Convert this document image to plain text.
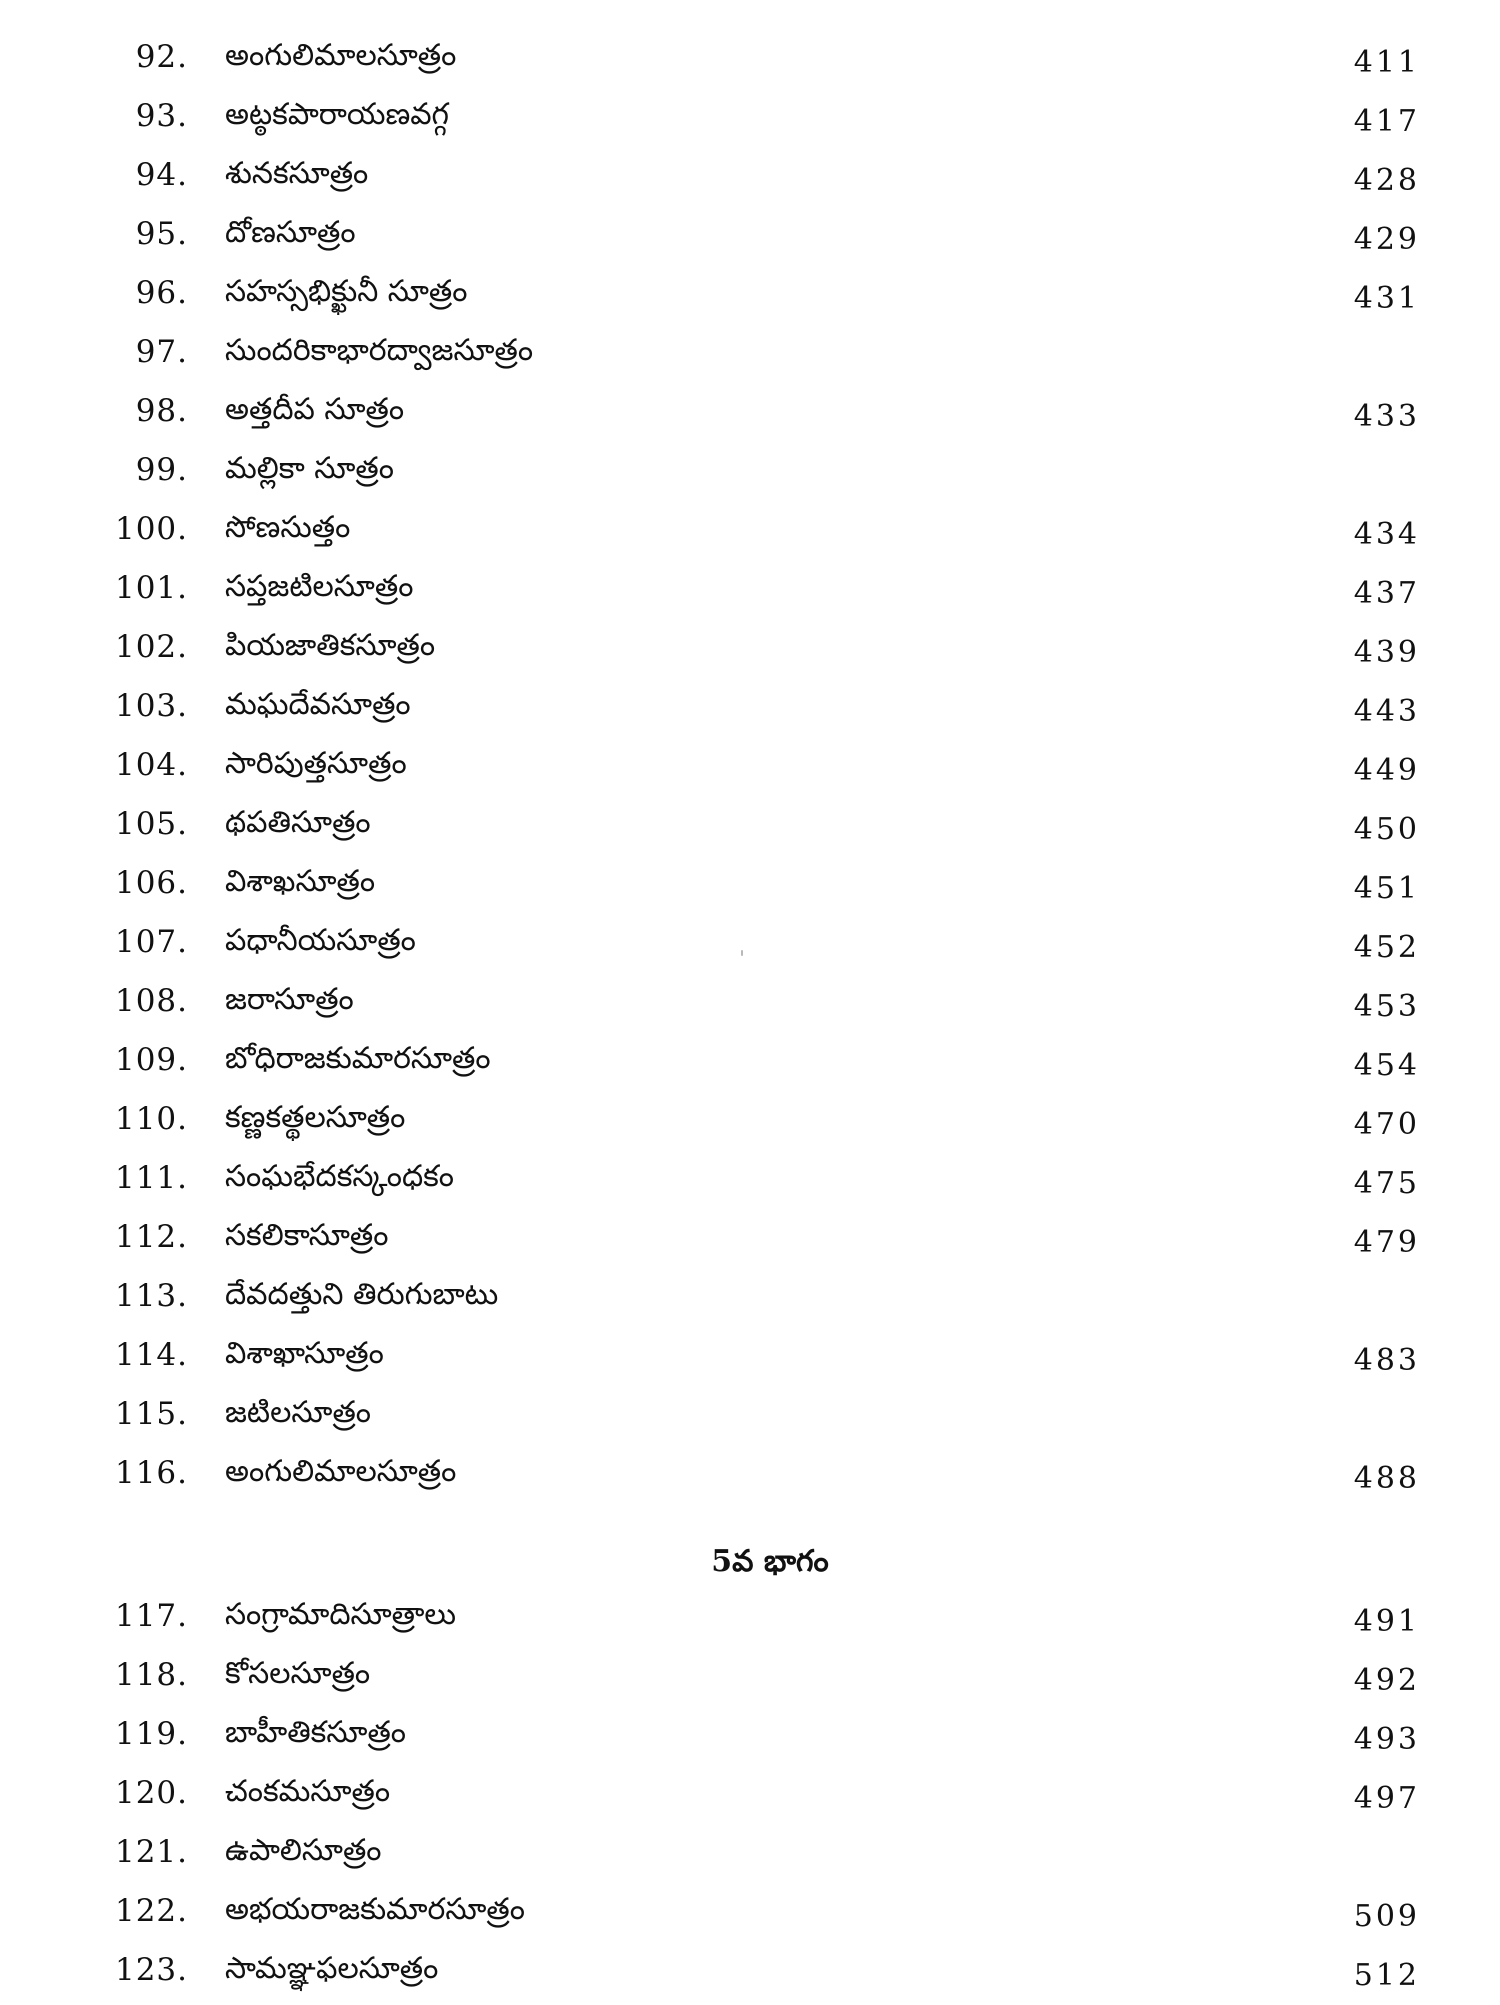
92. అంగులిమాలసూత్రం	411
93. అట్ఠకపారాయణవగ్గ	417
94. శునకసూత్రం	428
95. దోణసూత్రం	429
96. సహస్సభిక్ఖునీ సూత్రం	431
97. సుందరికాభారద్వాజసూత్రం
98. అత్తదీప సూత్రం	433
99. మల్లికా సూత్రం
100. సోణసుత్తం	434
101. సప్తజటిలసూత్రం	437
102. పియజాతికసూత్రం	439
103. మఘదేవసూత్రం	443
104. సారిపుత్తసూత్రం	449
105. థపతిసూత్రం	450
106. విశాఖసూత్రం	451
107. పధానీయసూత్రం	452
108. జరాసూత్రం	453
109. బోధిరాజకుమారసూత్రం	454
110. కణ్ణకత్థలసూత్రం	470
111. సంఘభేదకస్కంధకం	475
112. సకలికాసూత్రం	479
113. దేవదత్తుని తిరుగుబాటు
114. విశాఖాసూత్రం	483
115. జటిలసూత్రం
116. అంగులిమాలసూత్రం	488
5వ భాగం
117. సంగ్రామాదిసూత్రాలు	491
118. కోసలసూత్రం	492
119. బాహీతికసూత్రం	493
120. చంకమసూత్రం	497
121. ఉపాలిసూత్రం
122. అభయరాజకుమారసూత్రం	509
123. సామఞ్ఞఫలసూత్రం	512
